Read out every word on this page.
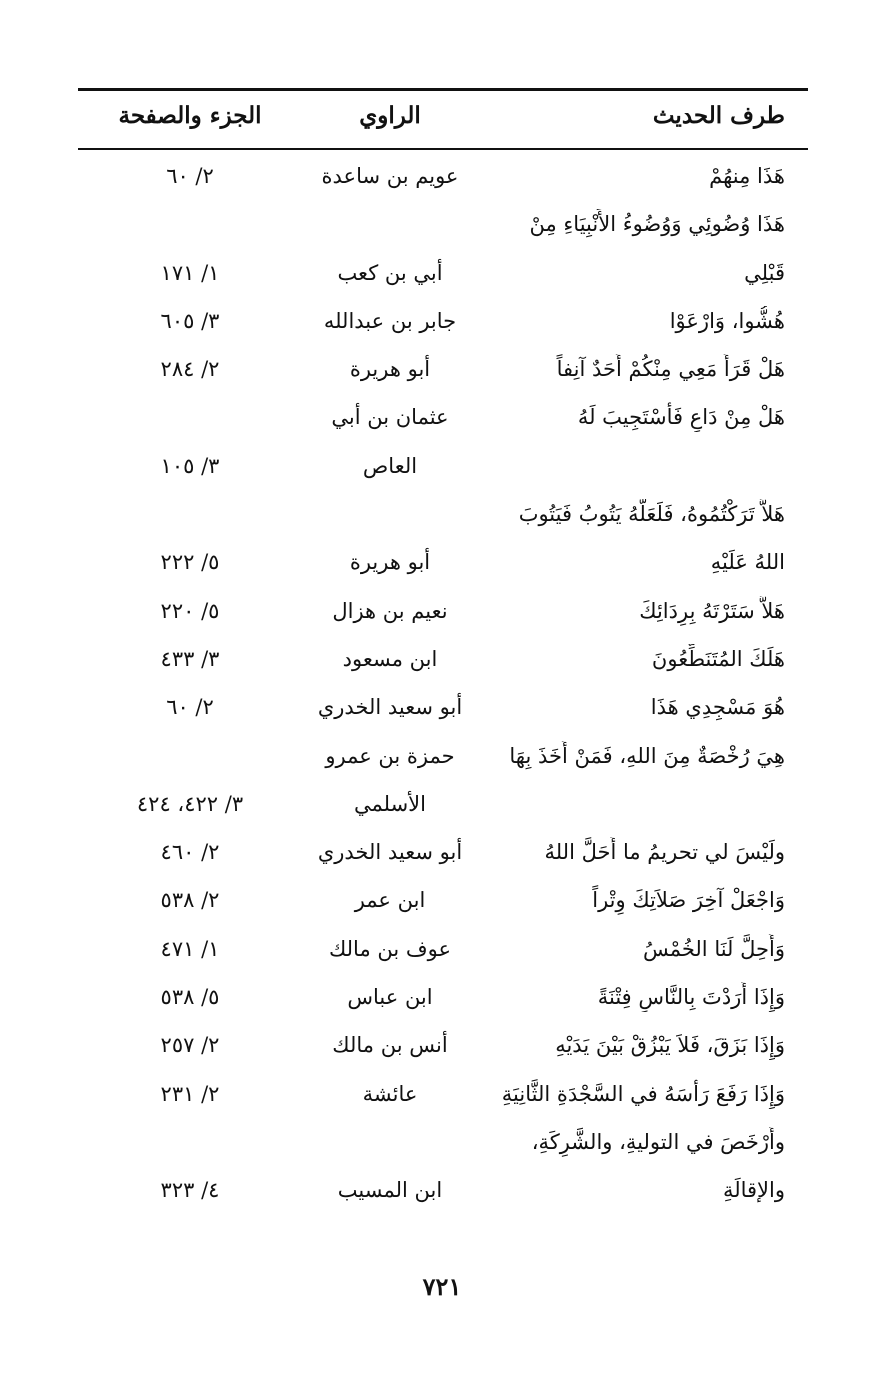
طرف الحديث
الراوي
الجزء والصفحة
هَذَا مِنهُمْ
عويم بن ساعدة
٢/ ٦٠
هَذَا وُضُوئِي وَوُضُوءُ الأَنْبِيَاءِ مِنْ
قَبْلِي
أبي بن كعب
١/ ١٧١
هُشُّوا، وَارْعَوْا
جابر بن عبدالله
٣/ ٦٠٥
هَلْ قَرَأَ مَعِي مِنْكُمْ أَحَدٌ آنِفاً
أبو هريرة
٢/ ٢٨٤
هَلْ مِنْ دَاعٍ فَأَسْتَجِيبَ لَهُ
عثمان بن أبي
العاص
٣/ ١٠٥
هَلاَّ تَرَكْتُمُوهُ، فَلَعَلَّهُ يَتُوبُ فَيَتُوبَ
اللهُ عَلَيْهِ
أبو هريرة
٥/ ٢٢٢
هَلاَّ سَتَرْتَهُ بِرِدَائِكَ
نعيم بن هزال
٥/ ٢٢٠
هَلَكَ المُتَنَطِّعُونَ
ابن مسعود
٣/ ٤٣٣
هُوَ مَسْجِدِي هَذَا
أبو سعيد الخدري
٢/ ٦٠
هِيَ رُخْصَةٌ مِنَ اللهِ، فَمَنْ أَخَذَ بِهَا
حمزة بن عمرو
الأسلمي
٣/ ٤٢٢، ٤٢٤
ولَيْسَ لي تحريمُ ما أَحَلَّ اللهُ
أبو سعيد الخدري
٢/ ٤٦٠
وَاجْعَلْ آخِرَ صَلاَتِكَ وِتْراً
ابن عمر
٢/ ٥٣٨
وَأُحِلَّ لَنَا الخُمْسُ
عوف بن مالك
١/ ٤٧١
وَإِذَا أَرَدْتَ بِالنَّاسِ فِتْنَةً
ابن عباس
٥/ ٥٣٨
وَإِذَا بَزَقَ، فَلاَ يَبْزُقْ بَيْنَ يَدَيْهِ
أنس بن مالك
٢/ ٢٥٧
وَإِذَا رَفَعَ رَأْسَهُ في السَّجْدَةِ الثَّانِيَةِ
عائشة
٢/ ٢٣١
وأَرْخَصَ في التوليةِ، والشَّرِكَةِ،
والإقالَةِ
ابن المسيب
٤/ ٣٢٣
٧٢١
